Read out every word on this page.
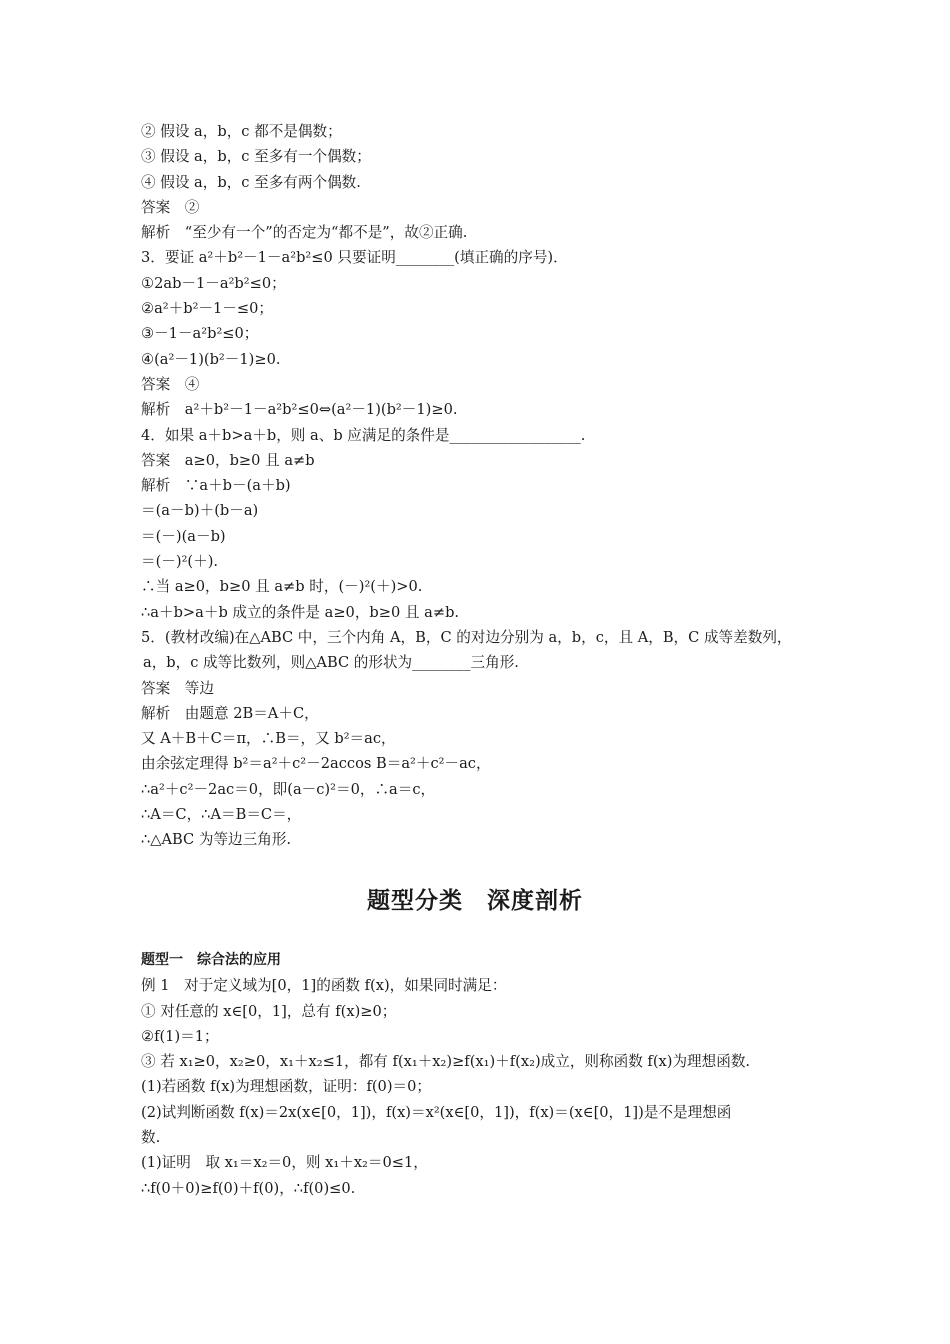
② 假设 a，b，c 都不是偶数；
③ 假设 a，b，c 至多有一个偶数；
④ 假设 a，b，c 至多有两个偶数.
答案　②
解析　“至少有一个”的否定为“都不是”，故②正确.
3．要证 a²＋b²－1－a²b²≤0 只要证明________(填正确的序号)．
①2ab－1－a²b²≤0；
②a²＋b²－1－≤0；
③－1－a²b²≤0；
④(a²－1)(b²－1)≥0.
答案　④
解析　a²＋b²－1－a²b²≤0⇔(a²－1)(b²－1)≥0.
4．如果 a＋b>a＋b，则 a、b 应满足的条件是__________________.
答案　a≥0，b≥0 且 a≠b
解析　∵a＋b－(a＋b)
＝(a－b)＋(b－a)
＝(－)(a－b)
＝(－)²(＋).
∴当 a≥0，b≥0 且 a≠b 时，(－)²(＋)>0.
∴a＋b>a＋b 成立的条件是 a≥0，b≥0 且 a≠b.
5．(教材改编)在△ABC 中，三个内角 A，B，C 的对边分别为 a，b，c，且 A，B，C 成等差数列，
a，b，c 成等比数列，则△ABC 的形状为________三角形.
答案　等边
解析　由题意 2B＝A＋C，
又 A＋B＋C＝π，∴B＝，又 b²＝ac，
由余弦定理得 b²＝a²＋c²－2accos B＝a²＋c²－ac，
∴a²＋c²－2ac＝0，即(a－c)²＝0，∴a＝c，
∴A＝C，∴A＝B＝C＝，
∴△ABC 为等边三角形.
题型分类　深度剖析
题型一　综合法的应用
例 1　对于定义域为[0，1]的函数 f(x)，如果同时满足：
① 对任意的 x∈[0，1]，总有 f(x)≥0；
②f(1)＝1；
③ 若 x₁≥0，x₂≥0，x₁＋x₂≤1，都有 f(x₁＋x₂)≥f(x₁)＋f(x₂)成立，则称函数 f(x)为理想函数.
(1)若函数 f(x)为理想函数，证明：f(0)＝0；
(2)试判断函数 f(x)＝2x(x∈[0，1])，f(x)＝x²(x∈[0，1])，f(x)＝(x∈[0，1])是不是理想函
数.
(1)证明　取 x₁＝x₂＝0，则 x₁＋x₂＝0≤1，
∴f(0＋0)≥f(0)＋f(0)，∴f(0)≤0.
